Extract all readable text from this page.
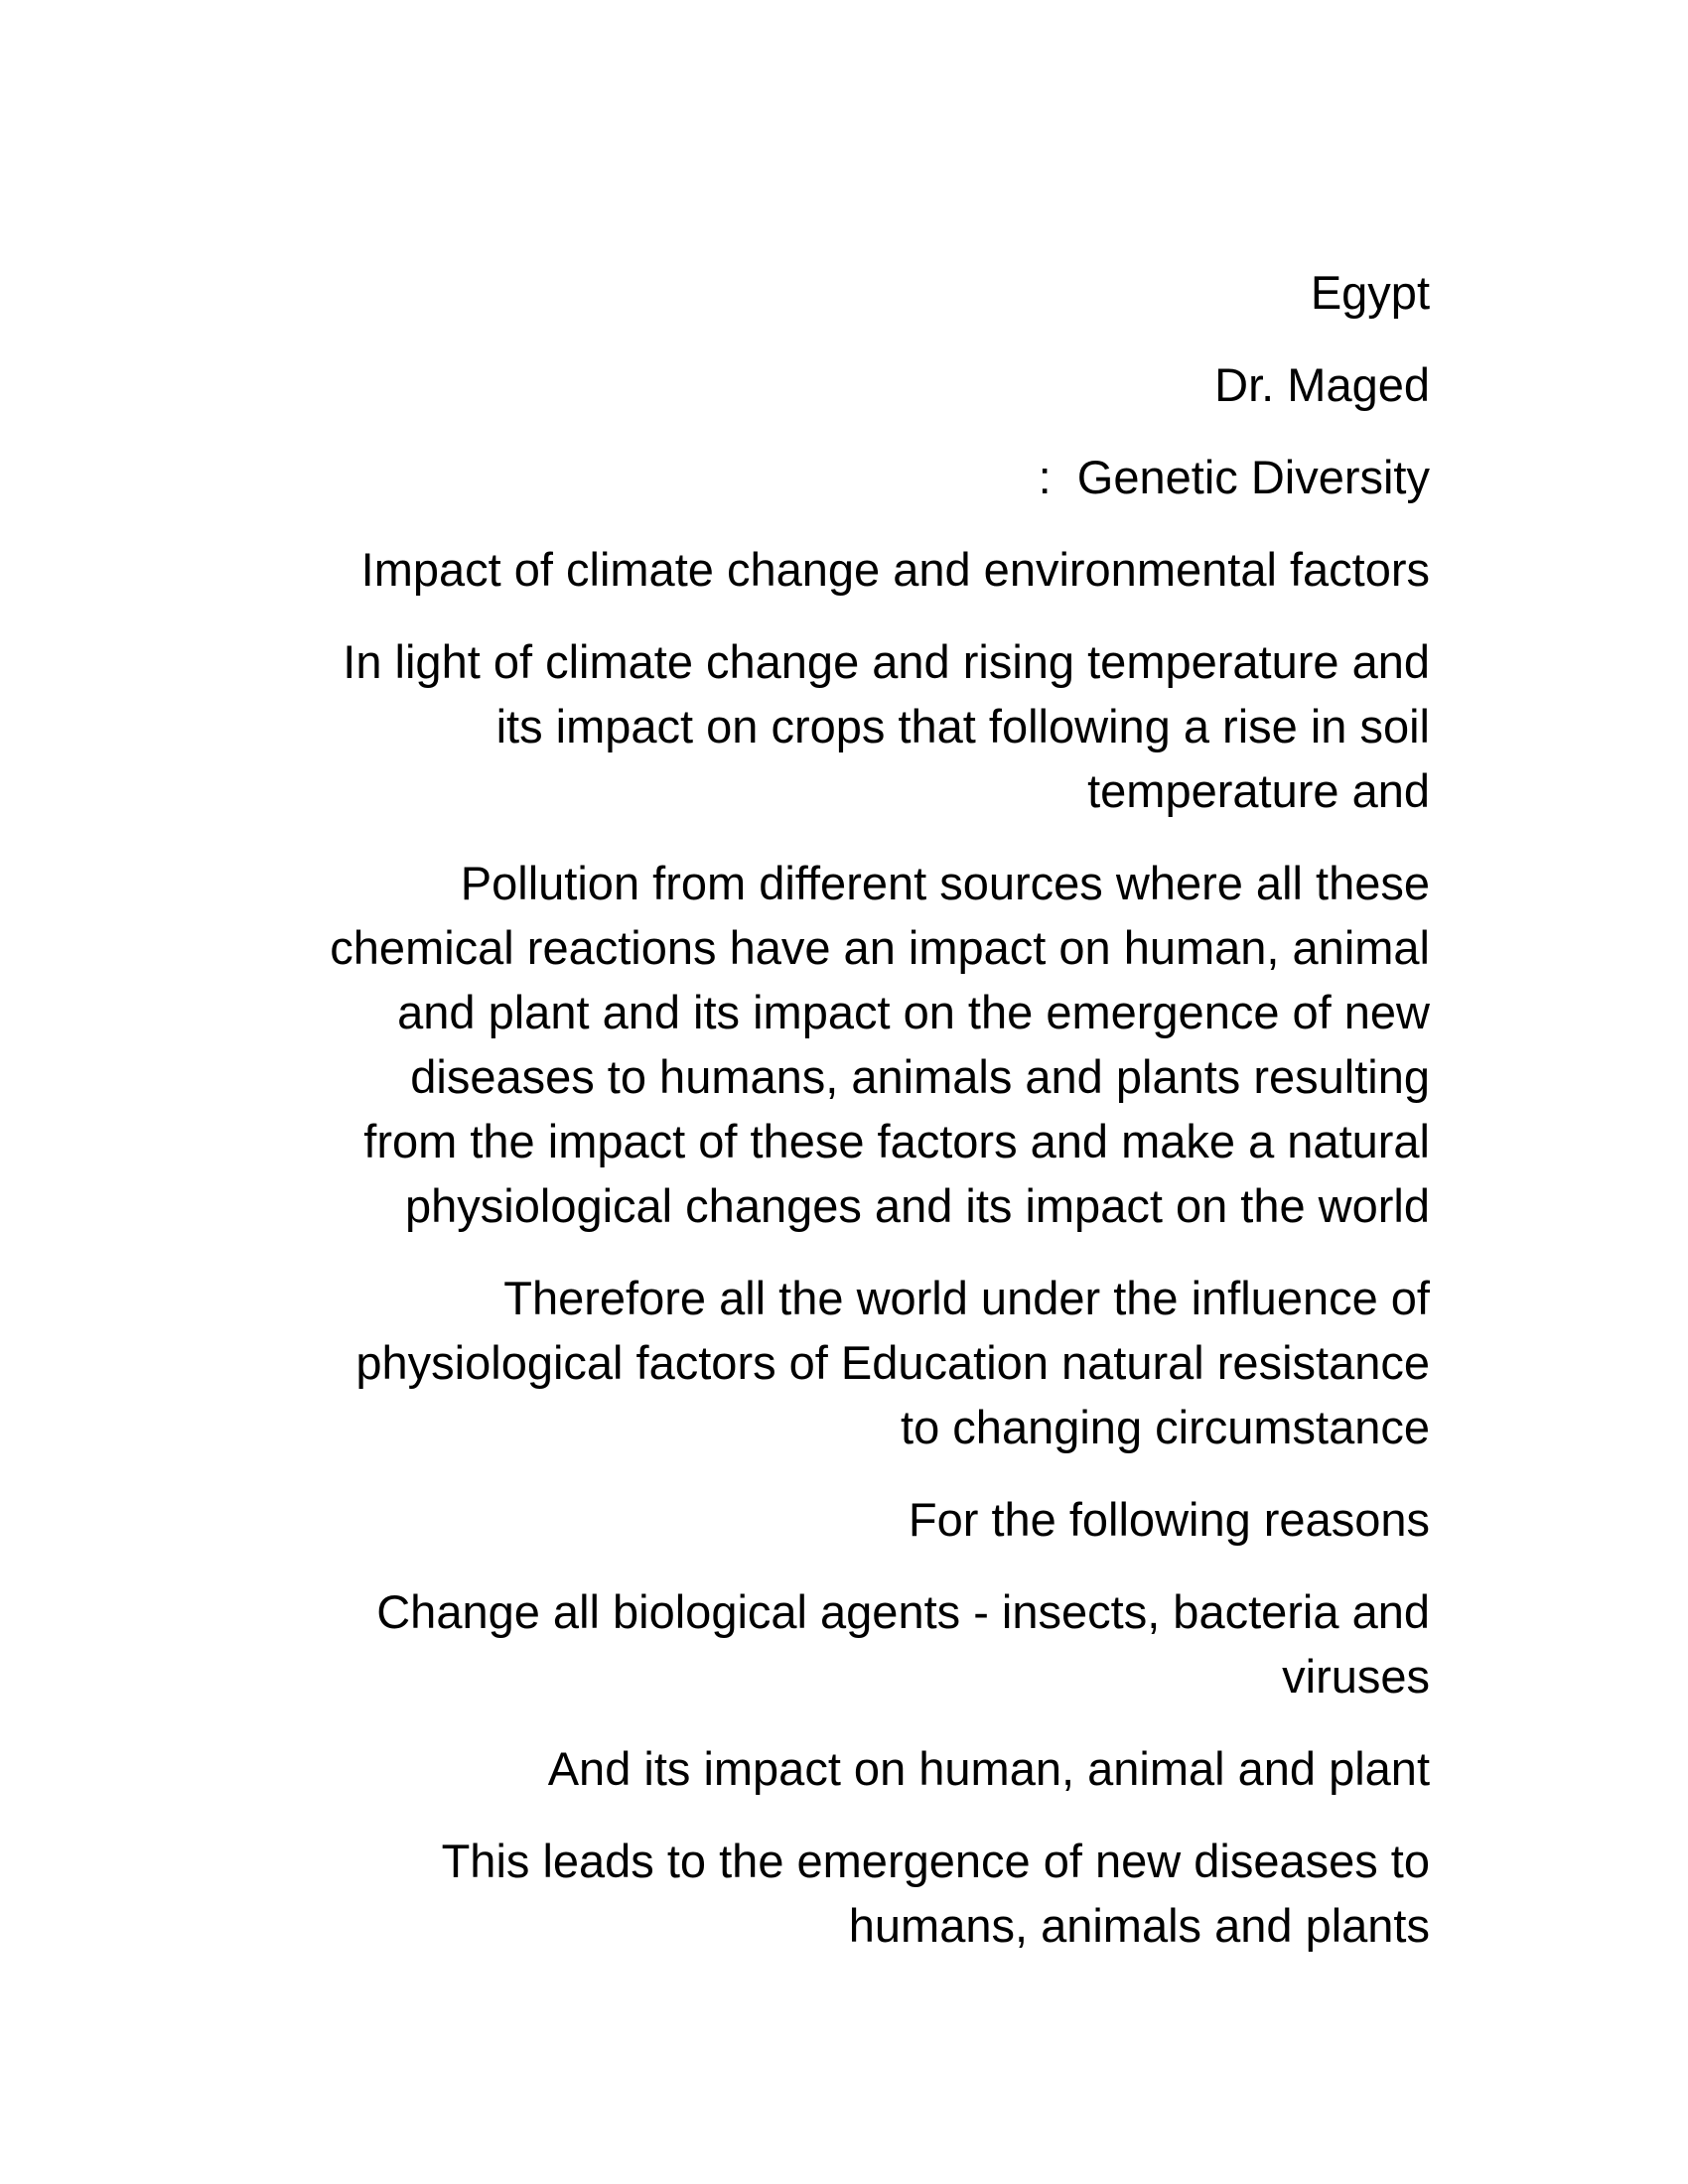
Egypt

Dr. Maged

:  Genetic Diversity

Impact of climate change and environmental factors

In light of climate change and rising temperature and
its impact on crops that following a rise in soil
temperature and

Pollution from different sources where all these
chemical reactions have an impact on human, animal
and plant and its impact on the emergence of new
diseases to humans, animals and plants resulting
from the impact of these factors and make a natural
physiological changes and its impact on the world

Therefore all the world under the influence of
physiological factors of Education natural resistance
to changing circumstance

For the following reasons

Change all biological agents - insects, bacteria and
viruses

And its impact on human, animal and plant

This leads to the emergence of new diseases to
humans, animals and plants
